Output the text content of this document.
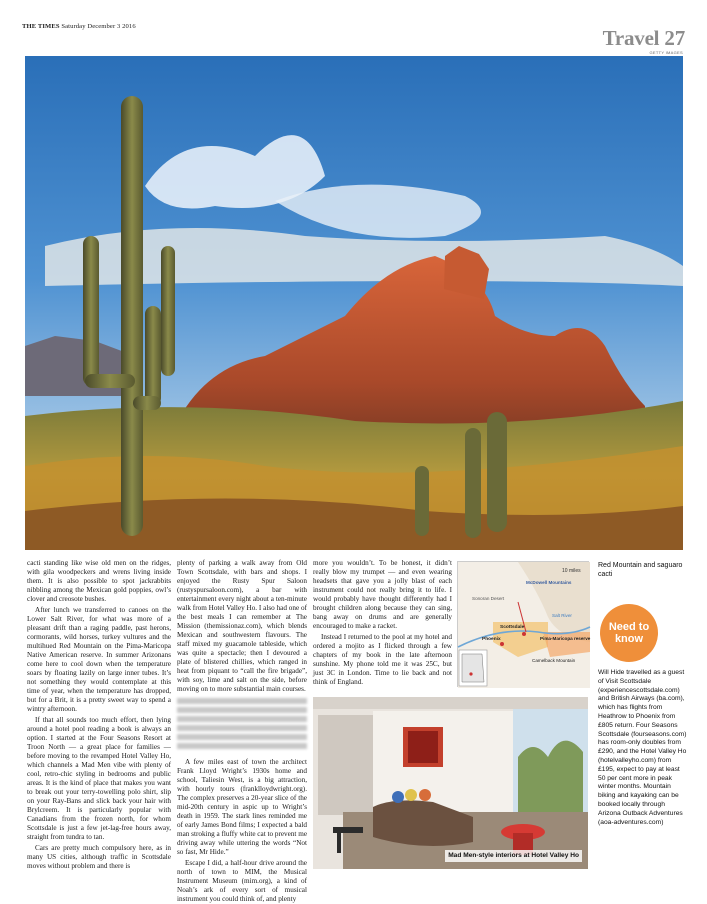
THE TIMES Saturday December 3 2016	Travel 27
GETTY IMAGES

cacti standing like wise old men on the ridges, with gila woodpeckers and wrens living inside them. It is also possible to spot jackrabbits nibbling among the Mexican gold poppies, owl’s clover and creosote bushes.

After lunch we transferred to canoes on the Lower Salt River, for what was more of a pleasant drift than a raging paddle, past herons, cormorants, wild horses, turkey vultures and the multihued Red Mountain on the Pima-Maricopa Native American reserve. In summer Arizonans come here to cool down when the temperature soars by floating lazily on large inner tubes. It’s not something they would contemplate at this time of year, when the temperature has dropped, but for a Brit, it is a pretty sweet way to spend a wintry afternoon.

If that all sounds too much effort, then lying around a hotel pool reading a book is always an option. I started at the Four Seasons Resort at Troon North — a great place for families — before moving to the revamped Hotel Valley Ho, which channels a Mad Men vibe with plenty of cool, retro-chic styling in bedrooms and public areas. It is the kind of place that makes you want to break out your terry-towelling polo shirt, slip on your Ray-Bans and slick back your hair with Brylcreem. It is particularly popular with Canadians from the frozen north, for whom Scottsdale is just a few jet-lag-free hours away, straight from tundra to tan.

Cars are pretty much compulsory here, as in many US cities, although traffic in Scottsdale moves without problem and there is

plenty of parking a walk away from Old Town Scottsdale, with bars and shops. I enjoyed the Rusty Spur Saloon (rustyspursaloon.com), a bar with entertainment every night about a ten-minute walk from Hotel Valley Ho. I also had one of the best meals I can remember at The Mission (themissionaz.com), which blends Mexican and southwestern flavours. The staff mixed my guacamole tableside, which was quite a spectacle; then I devoured a plate of blistered chillies, which ranged in heat from piquant to “call the fire brigade”, with soy, lime and salt on the side, before moving on to more substantial main courses.

A few miles east of town the architect Frank Lloyd Wright’s 1930s home and school, Taliesin West, is a big attraction, with hourly tours (franklloydwright.org). The complex preserves a 20-year slice of the mid-20th century in aspic up to Wright’s death in 1959. The stark lines reminded me of early James Bond films; I expected a bald man stroking a fluffy white cat to prevent me driving away while uttering the words “Not so fast, Mr Hide.”

Escape I did, a half-hour drive around the north of town to MIM, the Musical Instrument Museum (mim.org), a kind of Noah’s ark of every sort of musical instrument you could think of, and plenty

more you wouldn’t. To be honest, it didn’t really blow my trumpet — and even wearing headsets that gave you a jolly blast of each instrument could not really bring it to life. I would probably have thought differently had I brought children along because they can sing, bang away on drums and are generally encouraged to make a racket.

Instead I returned to the pool at my hotel and ordered a mojito as I flicked through a few chapters of my book in the late afternoon sunshine. My phone told me it was 25C, but just 3C in London. Time to lie back and not think of England.

10 miles
McDowell Mountains
Sonoran Desert
Salt River
Scottsdale
Phoenix	Pima-Maricopa reserve
Camelback Mountain
Mad Men-style interiors at Hotel Valley Ho
Red Mountain and saguaro cacti
Need to know
Will Hide travelled as a guest of Visit Scottsdale (experiencescottsdale.com) and British Airways (ba.com), which has flights from Heathrow to Phoenix from £805 return. Four Seasons Scottsdale (fourseasons.com) has room-only doubles from £290, and the Hotel Valley Ho (hotelvalleyho.com) from £195, expect to pay at least 50 per cent more in peak winter months. Mountain biking and kayaking can be booked locally through Arizona Outback Adventures (aoa-adventures.com)
